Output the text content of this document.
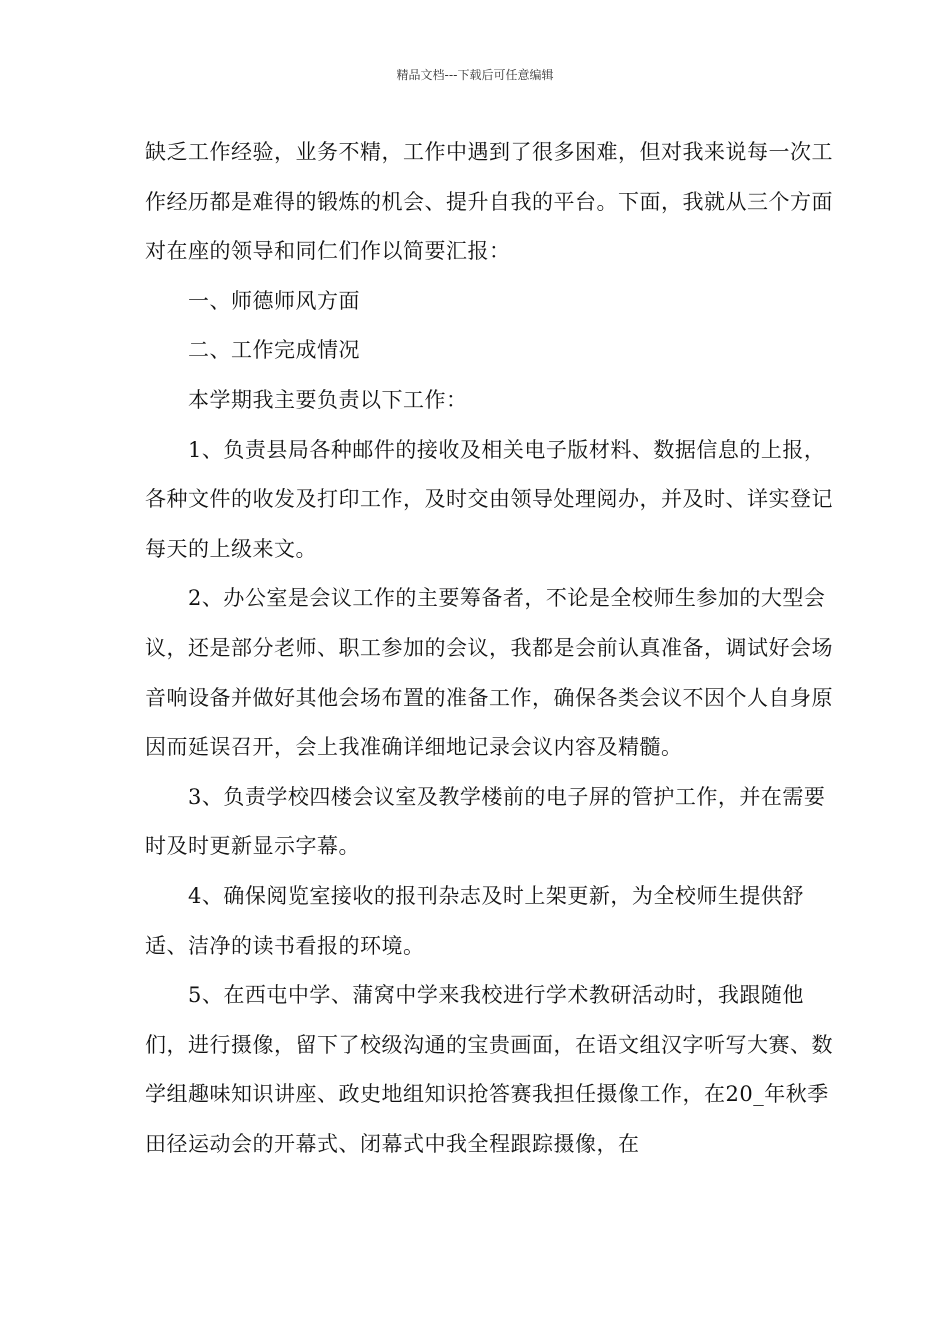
精品文档---下载后可任意编辑

缺乏工作经验，业务不精，工作中遇到了很多困难，但对我来说每一次工作经历都是难得的锻炼的机会、提升自我的平台。下面，我就从三个方面对在座的领导和同仁们作以简要汇报：

一、师德师风方面

二、工作完成情况

本学期我主要负责以下工作：

1、负责县局各种邮件的接收及相关电子版材料、数据信息的上报，各种文件的收发及打印工作，及时交由领导处理阅办，并及时、详实登记每天的上级来文。

2、办公室是会议工作的主要筹备者，不论是全校师生参加的大型会议，还是部分老师、职工参加的会议，我都是会前认真准备，调试好会场音响设备并做好其他会场布置的准备工作，确保各类会议不因个人自身原因而延误召开，会上我准确详细地记录会议内容及精髓。

3、负责学校四楼会议室及教学楼前的电子屏的管护工作，并在需要时及时更新显示字幕。

4、确保阅览室接收的报刊杂志及时上架更新，为全校师生提供舒适、洁净的读书看报的环境。

5、在西屯中学、蒲窝中学来我校进行学术教研活动时，我跟随他们，进行摄像，留下了校级沟通的宝贵画面，在语文组汉字听写大赛、数学组趣味知识讲座、政史地组知识抢答赛我担任摄像工作，在20_年秋季田径运动会的开幕式、闭幕式中我全程跟踪摄像，在
